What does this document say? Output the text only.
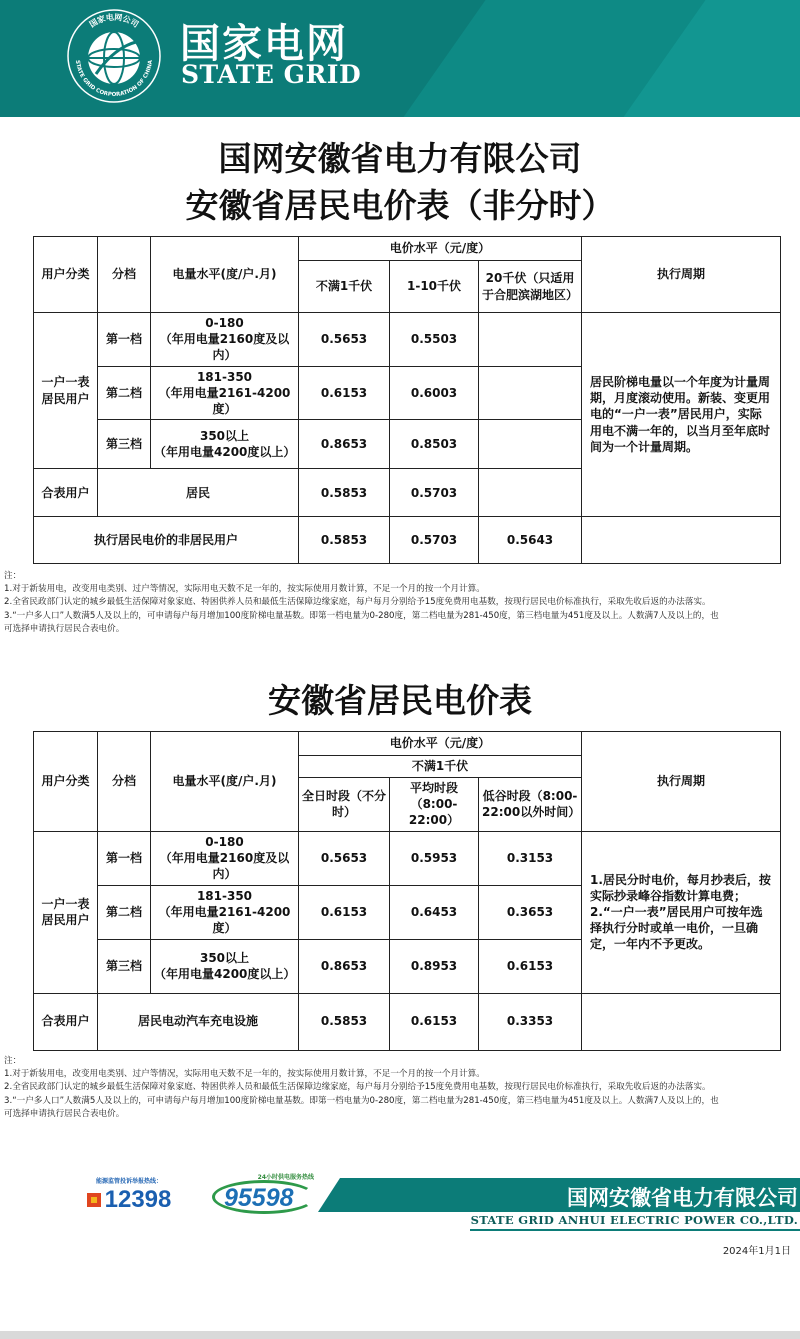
国家电网公司
STATE GRID CORPORATION OF CHINA 国家电网
STATE GRID
国网安徽省电力有限公司
安徽省居民电价表（非分时）
用户分类	分档	电量水平(度/户.月)	电价水平（元/度）			执行周期
			不满1千伏	1-10千伏	20千伏（只适用于合肥滨湖地区）	
一户一表居民用户	第一档	0-180
（年用电量2160度及以内）	0.5653	0.5503		居民阶梯电量以一个年度为计量周期，月度滚动使用。新装、变更用电的“一户一表”居民用户，实际用电不满一年的，以当月至年底时间为一个计量周期。
	第二档	181-350
（年用电量2161-4200度）	0.6153	0.6003		
	第三档	350以上
（年用电量4200度以上）	0.8653	0.8503		
合表用户	居民		0.5853	0.5703		
执行居民电价的非居民用户			0.5853	0.5703	0.5643	

注：

1.对于新装用电，改变用电类别、过户等情况，实际用电天数不足一年的，按实际使用月数计算，不足一个月的按一个月计算。

2.全省民政部门认定的城乡最低生活保障对象家庭、特困供养人员和最低生活保障边缘家庭，每户每月分别给予15度免费用电基数，按现行居民电价标准执行，采取先收后返的办法落实。

3.“一户多人口”人数满5人及以上的，可申请每户每月增加100度阶梯电量基数。即第一档电量为0-280度，第二档电量为281-450度，第三档电量为451度及以上。人数满7人及以上的，也

可选择申请执行居民合表电价。

安徽省居民电价表
用户分类	分档	电量水平(度/户.月)	电价水平（元/度）			执行周期
			不满1千伏			
			全日时段（不分时）	平均时段（8:00-22:00）	低谷时段（8:00-22:00以外时间）	
一户一表居民用户	第一档	0-180
（年用电量2160度及以内）	0.5653	0.5953	0.3153	1.居民分时电价，每月抄表后，按实际抄录峰谷指数计算电费；2.“一户一表”居民用户可按年选择执行分时或单一电价，一旦确定，一年内不予更改。
	第二档	181-350
（年用电量2161-4200度）	0.6153	0.6453	0.3653	
	第三档	350以上
（年用电量4200度以上）	0.8653	0.8953	0.6153	
合表用户	居民电动汽车充电设施		0.5853	0.6153	0.3353	

注：

1.对于新装用电，改变用电类别、过户等情况，实际用电天数不足一年的，按实际使用月数计算，不足一个月的按一个月计算。

2.全省民政部门认定的城乡最低生活保障对象家庭、特困供养人员和最低生活保障边缘家庭，每户每月分别给予15度免费用电基数，按现行居民电价标准执行，采取先收后返的办法落实。

3.“一户多人口”人数满5人及以上的，可申请每户每月增加100度阶梯电量基数。即第一档电量为0-280度，第二档电量为281-450度，第三档电量为451度及以上。人数满7人及以上的，也

可选择申请执行居民合表电价。

能源监管投诉举报热线：
12398
24小时供电服务热线
95598	国网安徽省电力有限公司
STATE GRID ANHUI ELECTRIC POWER CO.,LTD.
2024年1月1日
